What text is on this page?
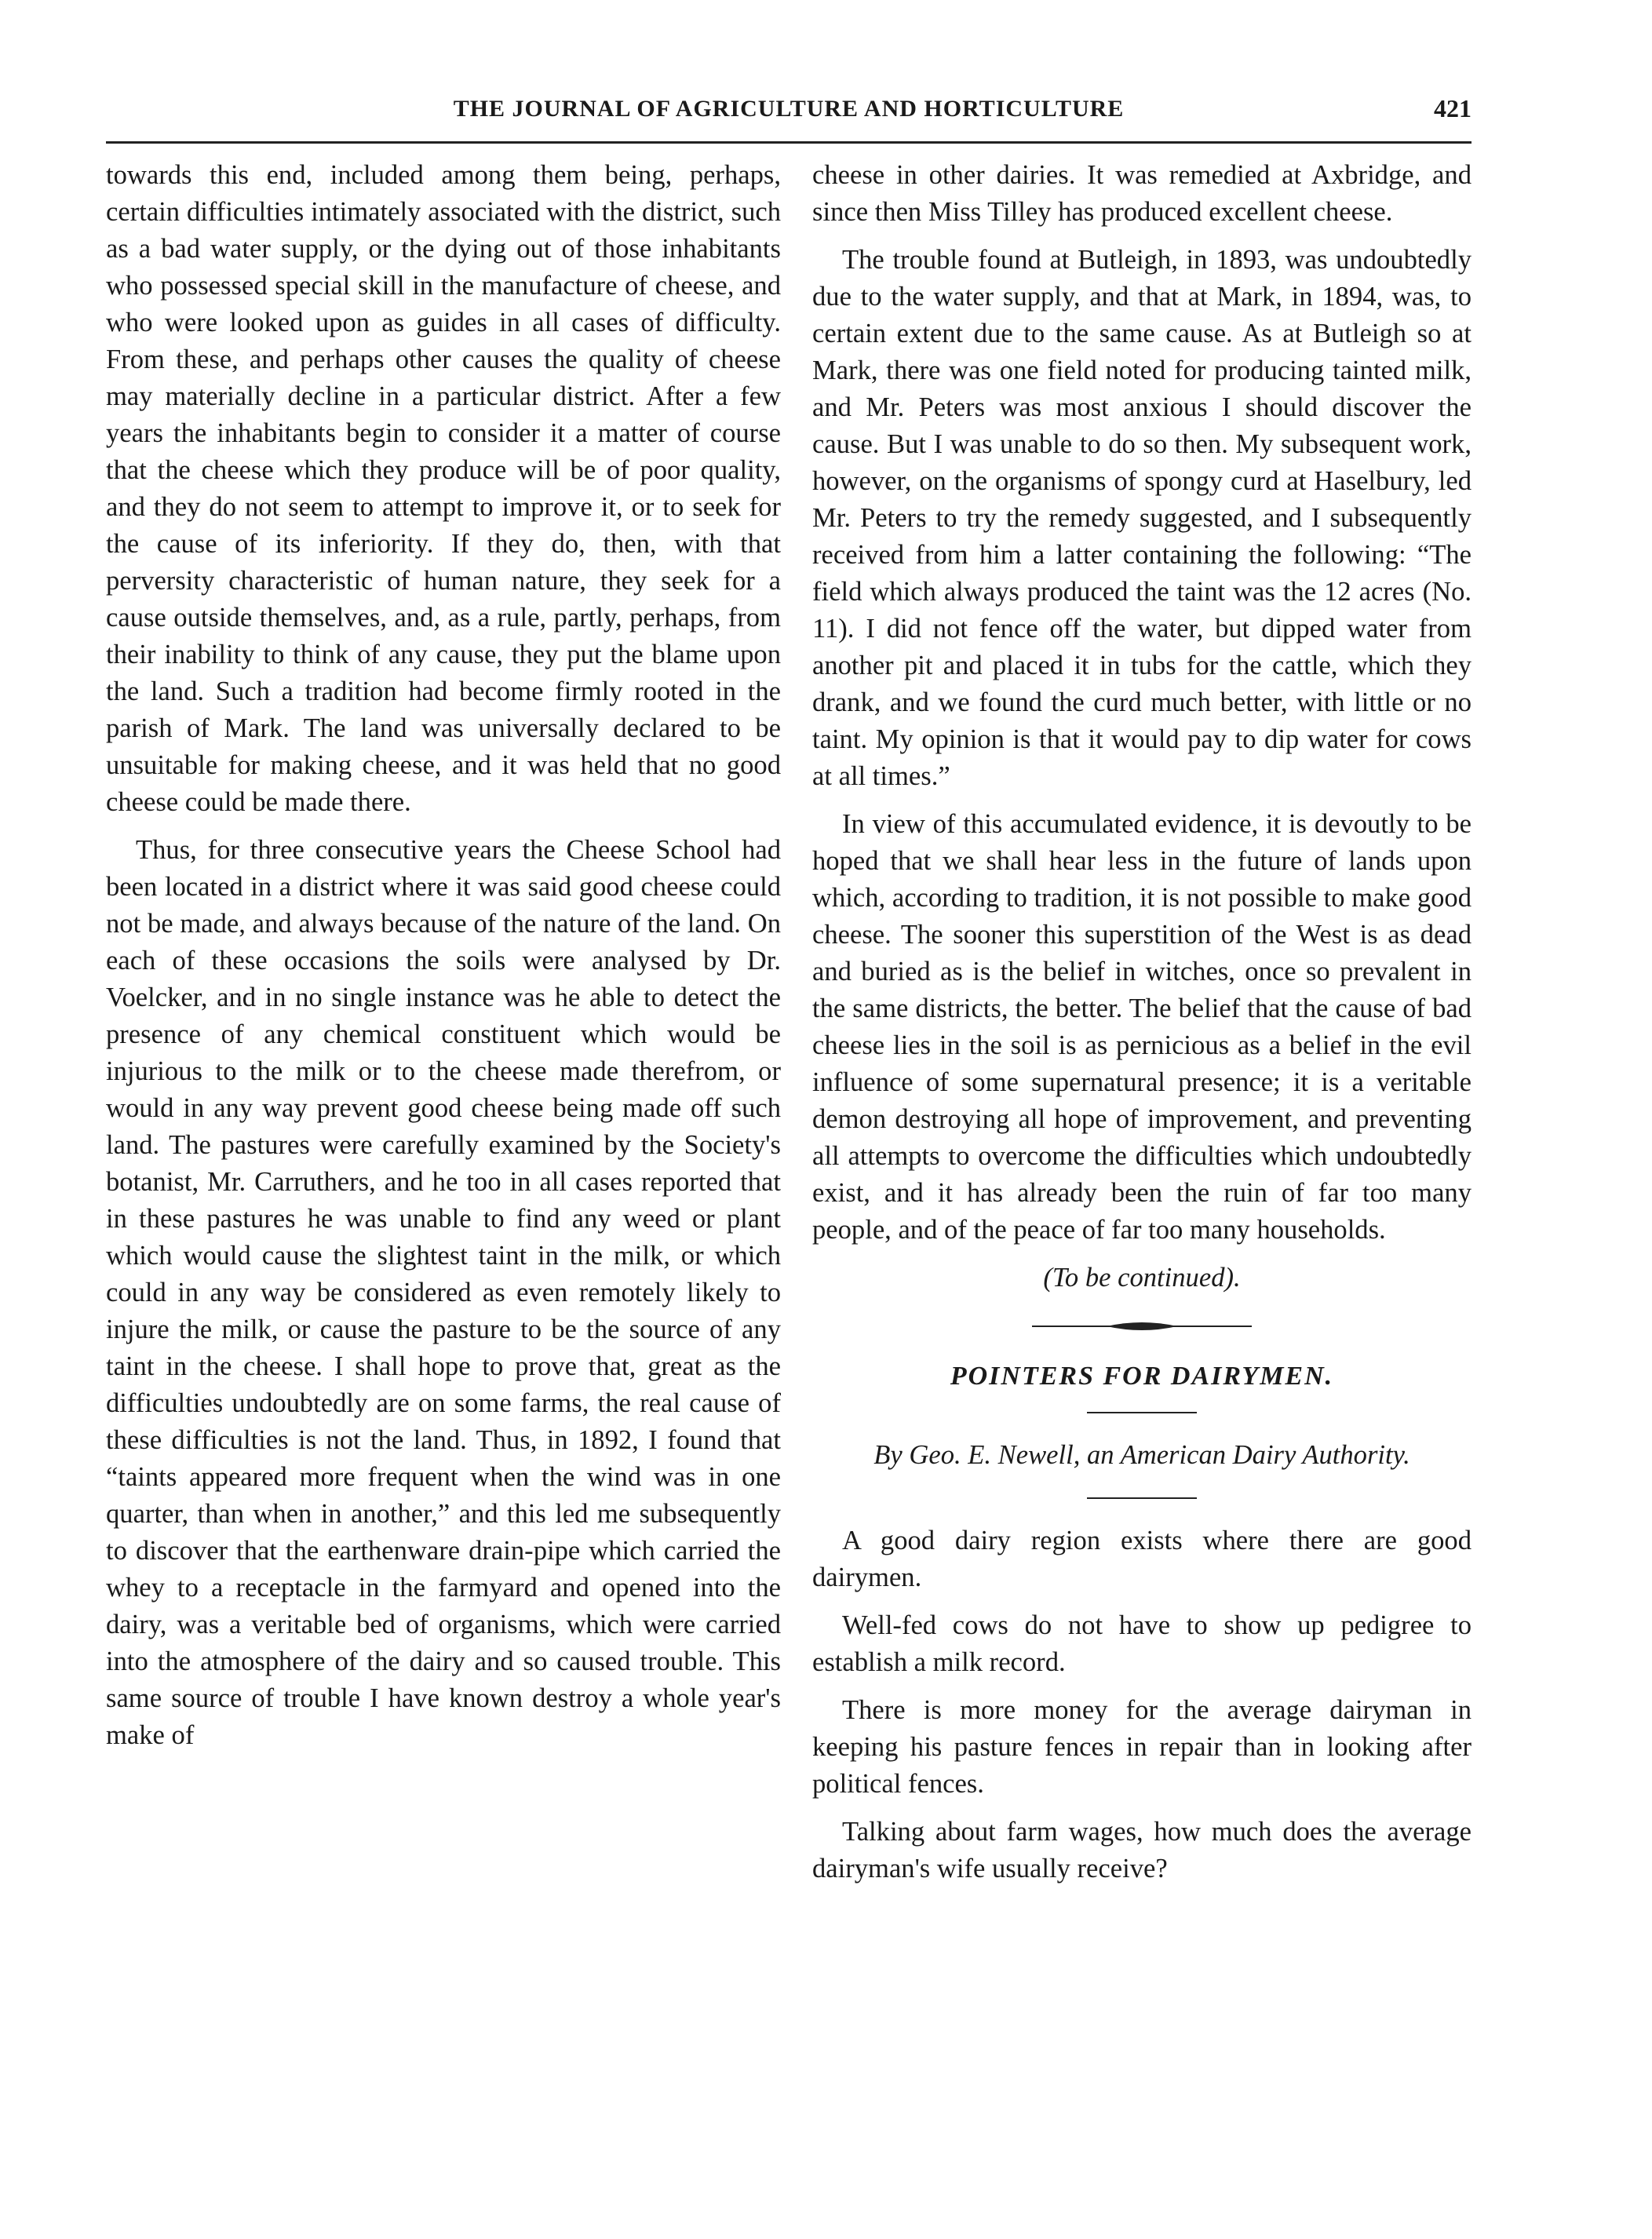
THE JOURNAL OF AGRICULTURE AND HORTICULTURE	421

towards this end, included among them being, perhaps, certain difficulties intimately associated with the district, such as a bad water supply, or the dying out of those inhabitants who possessed special skill in the manufacture of cheese, and who were looked upon as guides in all cases of difficulty. From these, and perhaps other causes the quality of cheese may materially decline in a particular district. After a few years the inhabitants begin to consider it a matter of course that the cheese which they produce will be of poor quality, and they do not seem to attempt to improve it, or to seek for the cause of its inferiority. If they do, then, with that perversity characteristic of human nature, they seek for a cause outside themselves, and, as a rule, partly, perhaps, from their inability to think of any cause, they put the blame upon the land. Such a tradition had become firmly rooted in the parish of Mark. The land was universally declared to be unsuitable for making cheese, and it was held that no good cheese could be made there.

Thus, for three consecutive years the Cheese School had been located in a district where it was said good cheese could not be made, and always because of the nature of the land. On each of these occasions the soils were analysed by Dr. Voelcker, and in no single instance was he able to detect the presence of any chemical constituent which would be injurious to the milk or to the cheese made therefrom, or would in any way prevent good cheese being made off such land. The pastures were carefully examined by the Society's botanist, Mr. Carruthers, and he too in all cases reported that in these pastures he was unable to find any weed or plant which would cause the slightest taint in the milk, or which could in any way be considered as even remotely likely to injure the milk, or cause the pasture to be the source of any taint in the cheese. I shall hope to prove that, great as the difficulties undoubtedly are on some farms, the real cause of these difficulties is not the land. Thus, in 1892, I found that “taints appeared more frequent when the wind was in one quarter, than when in another,” and this led me subsequently to discover that the earthenware drain-pipe which carried the whey to a receptacle in the farmyard and opened into the dairy, was a veritable bed of organisms, which were carried into the atmosphere of the dairy and so caused trouble. This same source of trouble I have known destroy a whole year's make of

cheese in other dairies. It was remedied at Axbridge, and since then Miss Tilley has produced excellent cheese.

The trouble found at Butleigh, in 1893, was undoubtedly due to the water supply, and that at Mark, in 1894, was, to certain extent due to the same cause. As at Butleigh so at Mark, there was one field noted for producing tainted milk, and Mr. Peters was most anxious I should discover the cause. But I was unable to do so then. My subsequent work, however, on the organisms of spongy curd at Haselbury, led Mr. Peters to try the remedy suggested, and I subsequently received from him a latter containing the following: “The field which always produced the taint was the 12 acres (No. 11). I did not fence off the water, but dipped water from another pit and placed it in tubs for the cattle, which they drank, and we found the curd much better, with little or no taint. My opinion is that it would pay to dip water for cows at all times.”

In view of this accumulated evidence, it is devoutly to be hoped that we shall hear less in the future of lands upon which, according to tradition, it is not possible to make good cheese. The sooner this superstition of the West is as dead and buried as is the belief in witches, once so prevalent in the same districts, the better. The belief that the cause of bad cheese lies in the soil is as pernicious as a belief in the evil influence of some supernatural presence; it is a veritable demon destroying all hope of improvement, and preventing all attempts to overcome the difficulties which undoubtedly exist, and it has already been the ruin of far too many people, and of the peace of far too many households.

(To be continued).
POINTERS FOR DAIRYMEN.
By Geo. E. Newell, an American Dairy Authority.

A good dairy region exists where there are good dairymen.

Well-fed cows do not have to show up pedigree to establish a milk record.

There is more money for the average dairyman in keeping his pasture fences in repair than in looking after political fences.

Talking about farm wages, how much does the average dairyman's wife usually receive?
